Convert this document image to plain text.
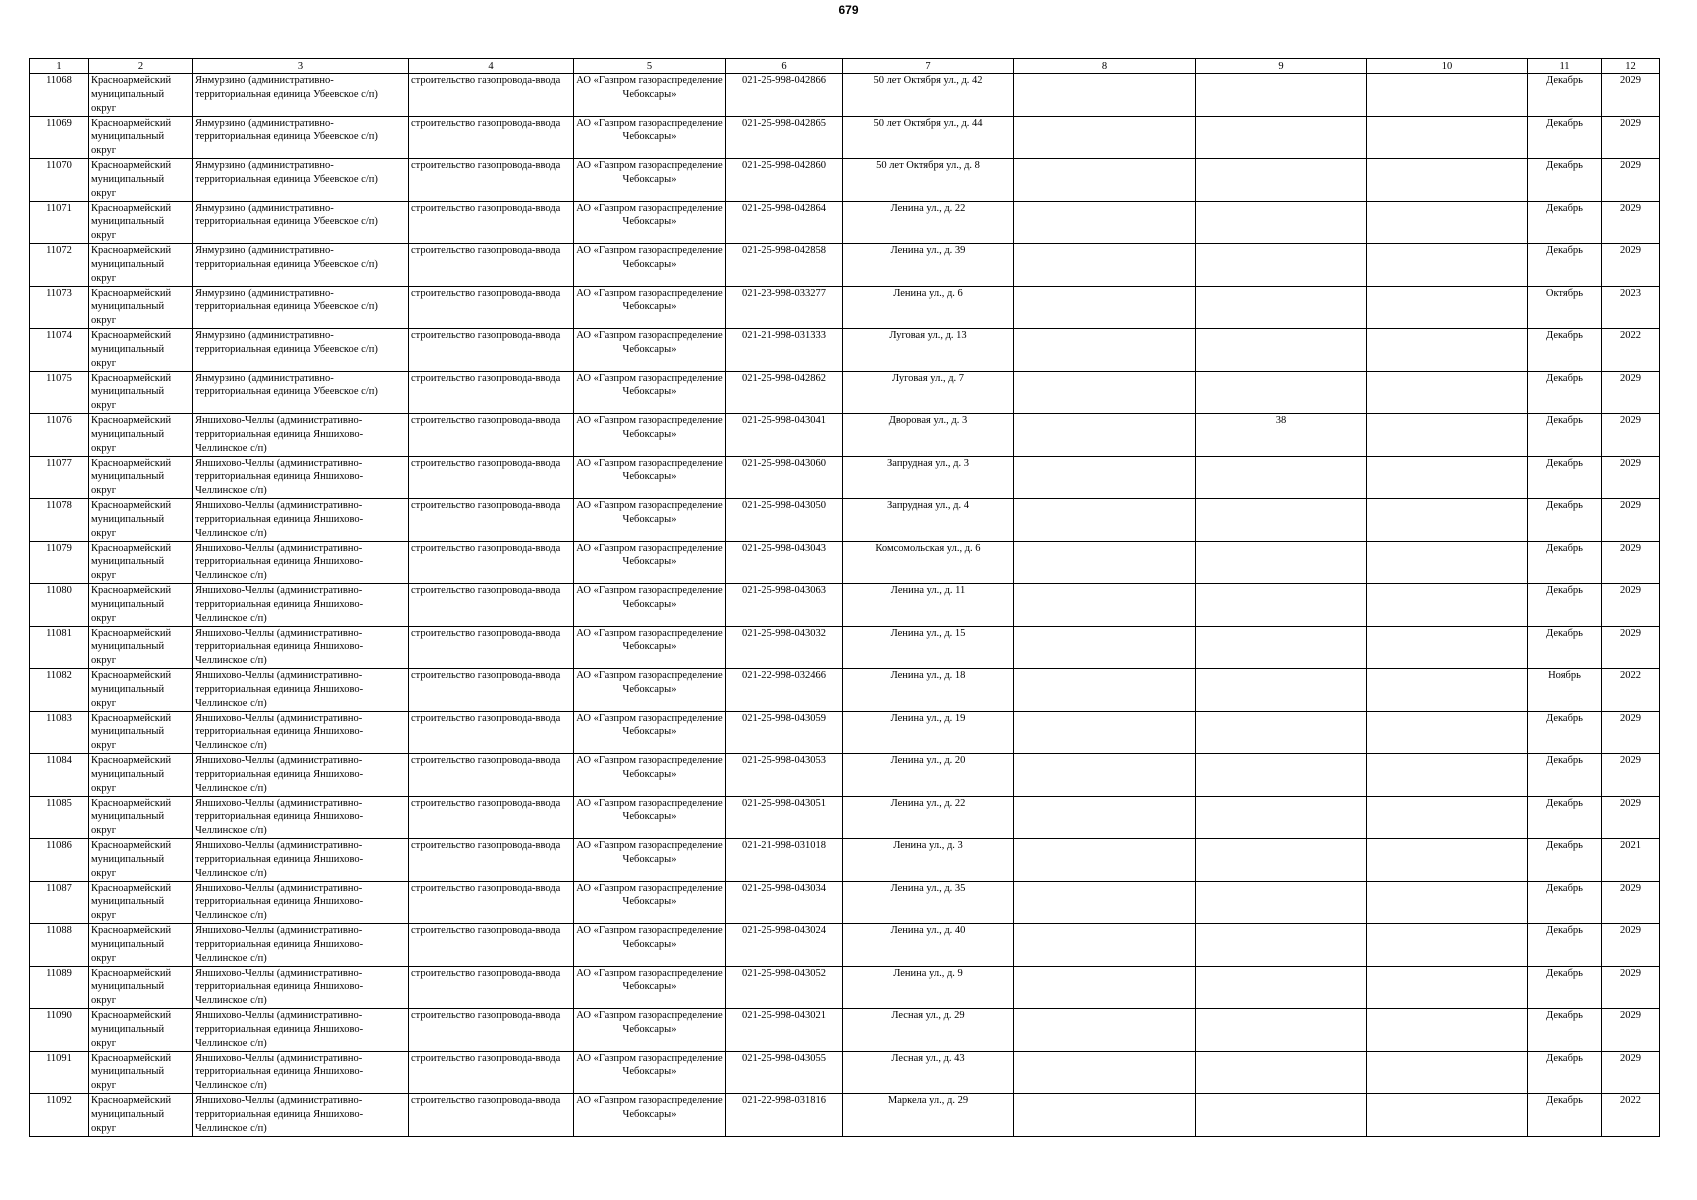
679
1	2	3	4	5	6	7	8	9	10	11	12

11068	Красноармейский муниципальный округ	Янмурзино (административно-территориальная единица Убеевское с/п)	строительство газопровода-ввода	АО «Газпром газораспределение Чебоксары»	021-25-998-042866	50 лет Октября ул., д. 42				Декабрь	2029

11069	Красноармейский муниципальный округ	Янмурзино (административно-территориальная единица Убеевское с/п)	строительство газопровода-ввода	АО «Газпром газораспределение Чебоксары»	021-25-998-042865	50 лет Октября ул., д. 44				Декабрь	2029

11070	Красноармейский муниципальный округ	Янмурзино (административно-территориальная единица Убеевское с/п)	строительство газопровода-ввода	АО «Газпром газораспределение Чебоксары»	021-25-998-042860	50 лет Октября ул., д. 8				Декабрь	2029

11071	Красноармейский муниципальный округ	Янмурзино (административно-территориальная единица Убеевское с/п)	строительство газопровода-ввода	АО «Газпром газораспределение Чебоксары»	021-25-998-042864	Ленина ул., д. 22				Декабрь	2029

11072	Красноармейский муниципальный округ	Янмурзино (административно-территориальная единица Убеевское с/п)	строительство газопровода-ввода	АО «Газпром газораспределение Чебоксары»	021-25-998-042858	Ленина ул., д. 39				Декабрь	2029

11073	Красноармейский муниципальный округ	Янмурзино (административно-территориальная единица Убеевское с/п)	строительство газопровода-ввода	АО «Газпром газораспределение Чебоксары»	021-23-998-033277	Ленина ул., д. 6				Октябрь	2023

11074	Красноармейский муниципальный округ	Янмурзино (административно-территориальная единица Убеевское с/п)	строительство газопровода-ввода	АО «Газпром газораспределение Чебоксары»	021-21-998-031333	Луговая ул., д. 13				Декабрь	2022

11075	Красноармейский муниципальный округ	Янмурзино (административно-территориальная единица Убеевское с/п)	строительство газопровода-ввода	АО «Газпром газораспределение Чебоксары»	021-25-998-042862	Луговая ул., д. 7				Декабрь	2029

11076	Красноармейский муниципальный округ	Яншихово-Челлы (административно-территориальная единица Яншихово-Челлинское с/п)	строительство газопровода-ввода	АО «Газпром газораспределение Чебоксары»	021-25-998-043041	Дворовая ул., д. 3		38		Декабрь	2029

11077	Красноармейский муниципальный округ	Яншихово-Челлы (административно-территориальная единица Яншихово-Челлинское с/п)	строительство газопровода-ввода	АО «Газпром газораспределение Чебоксары»	021-25-998-043060	Запрудная ул., д. 3				Декабрь	2029

11078	Красноармейский муниципальный округ	Яншихово-Челлы (административно-территориальная единица Яншихово-Челлинское с/п)	строительство газопровода-ввода	АО «Газпром газораспределение Чебоксары»	021-25-998-043050	Запрудная ул., д. 4				Декабрь	2029

11079	Красноармейский муниципальный округ	Яншихово-Челлы (административно-территориальная единица Яншихово-Челлинское с/п)	строительство газопровода-ввода	АО «Газпром газораспределение Чебоксары»	021-25-998-043043	Комсомольская ул., д. 6				Декабрь	2029

11080	Красноармейский муниципальный округ	Яншихово-Челлы (административно-территориальная единица Яншихово-Челлинское с/п)	строительство газопровода-ввода	АО «Газпром газораспределение Чебоксары»	021-25-998-043063	Ленина ул., д. 11				Декабрь	2029

11081	Красноармейский муниципальный округ	Яншихово-Челлы (административно-территориальная единица Яншихово-Челлинское с/п)	строительство газопровода-ввода	АО «Газпром газораспределение Чебоксары»	021-25-998-043032	Ленина ул., д. 15				Декабрь	2029

11082	Красноармейский муниципальный округ	Яншихово-Челлы (административно-территориальная единица Яншихово-Челлинское с/п)	строительство газопровода-ввода	АО «Газпром газораспределение Чебоксары»	021-22-998-032466	Ленина ул., д. 18				Ноябрь	2022

11083	Красноармейский муниципальный округ	Яншихово-Челлы (административно-территориальная единица Яншихово-Челлинское с/п)	строительство газопровода-ввода	АО «Газпром газораспределение Чебоксары»	021-25-998-043059	Ленина ул., д. 19				Декабрь	2029

11084	Красноармейский муниципальный округ	Яншихово-Челлы (административно-территориальная единица Яншихово-Челлинское с/п)	строительство газопровода-ввода	АО «Газпром газораспределение Чебоксары»	021-25-998-043053	Ленина ул., д. 20				Декабрь	2029

11085	Красноармейский муниципальный округ	Яншихово-Челлы (административно-территориальная единица Яншихово-Челлинское с/п)	строительство газопровода-ввода	АО «Газпром газораспределение Чебоксары»	021-25-998-043051	Ленина ул., д. 22				Декабрь	2029

11086	Красноармейский муниципальный округ	Яншихово-Челлы (административно-территориальная единица Яншихово-Челлинское с/п)	строительство газопровода-ввода	АО «Газпром газораспределение Чебоксары»	021-21-998-031018	Ленина ул., д. 3				Декабрь	2021

11087	Красноармейский муниципальный округ	Яншихово-Челлы (административно-территориальная единица Яншихово-Челлинское с/п)	строительство газопровода-ввода	АО «Газпром газораспределение Чебоксары»	021-25-998-043034	Ленина ул., д. 35				Декабрь	2029

11088	Красноармейский муниципальный округ	Яншихово-Челлы (административно-территориальная единица Яншихово-Челлинское с/п)	строительство газопровода-ввода	АО «Газпром газораспределение Чебоксары»	021-25-998-043024	Ленина ул., д. 40				Декабрь	2029

11089	Красноармейский муниципальный округ	Яншихово-Челлы (административно-территориальная единица Яншихово-Челлинское с/п)	строительство газопровода-ввода	АО «Газпром газораспределение Чебоксары»	021-25-998-043052	Ленина ул., д. 9				Декабрь	2029

11090	Красноармейский муниципальный округ	Яншихово-Челлы (административно-территориальная единица Яншихово-Челлинское с/п)	строительство газопровода-ввода	АО «Газпром газораспределение Чебоксары»	021-25-998-043021	Лесная ул., д. 29				Декабрь	2029

11091	Красноармейский муниципальный округ	Яншихово-Челлы (административно-территориальная единица Яншихово-Челлинское с/п)	строительство газопровода-ввода	АО «Газпром газораспределение Чебоксары»	021-25-998-043055	Лесная ул., д. 43				Декабрь	2029

11092	Красноармейский муниципальный округ	Яншихово-Челлы (административно-территориальная единица Яншихово-Челлинское с/п)	строительство газопровода-ввода	АО «Газпром газораспределение Чебоксары»	021-22-998-031816	Маркела ул., д. 29				Декабрь	2022
